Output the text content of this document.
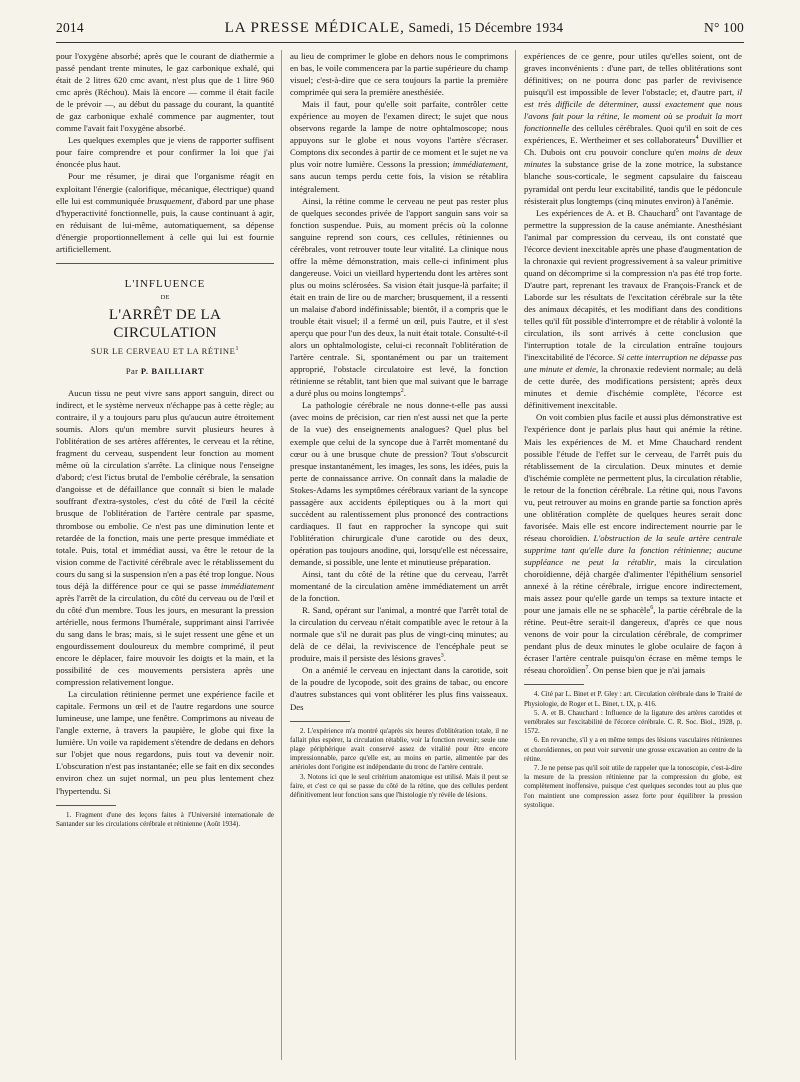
2014	LA PRESSE MÉDICALE, Samedi, 15 Décembre 1934	N° 100

pour l'oxygène absorbé; après que le courant de diathermie a passé pendant trente minutes, le gaz carbonique exhalé, qui était de 2 litres 620 cmc avant, n'est plus que de 1 litre 960 cmc après (Réchou). Mais là encore — comme il était facile de le prévoir —, au début du passage du courant, la quantité de gaz carbonique exhalé commence par augmenter, tout comme l'avait fait l'oxygène absorbé.

Les quelques exemples que je viens de rapporter suffisent pour faire comprendre et pour confirmer la loi que j'ai énoncée plus haut.

Pour me résumer, je dirai que l'organisme réagit en exploitant l'énergie (calorifique, mécanique, électrique) quand elle lui est communiquée brusquement, d'abord par une phase d'hyperactivité fonctionnelle, puis, la cause continuant à agir, en réduisant de lui-même, automatiquement, sa dépense d'énergie proportionnellement à celle qui lui est fournie artificiellement.

L'INFLUENCE
DE
L'ARRÊT DE LA CIRCULATION
SUR LE CERVEAU ET LA RÉTINE$^1$
Par P. BAILLIART

Aucun tissu ne peut vivre sans apport sanguin, direct ou indirect, et le système nerveux n'échappe pas à cette règle; au contraire, il y a toujours paru plus qu'aucun autre étroitement soumis. Alors qu'un membre survit plusieurs heures à l'oblitération de ses artères afférentes, le cerveau et la rétine, fragment du cerveau, suspendent leur fonction au moment même où la circulation s'arrête. La clinique nous l'enseigne d'abord; c'est l'ictus brutal de l'embolie cérébrale, la sensation d'angoisse et de défaillance que connaît si bien le malade souffrant d'extra-systoles, c'est du côté de l'œil la cécité brusque de l'oblitération de l'artère centrale par spasme, thrombose ou embolie. Ce n'est pas une diminution lente et retardée de la fonction, mais une perte presque immédiate et totale. Puis, total et immédiat aussi, va être le retour de la vision comme de l'activité cérébrale avec le rétablissement du cours du sang si la suspension n'en a pas été trop longue. Nous tous déjà la différence pour ce qui se passe immédiatement après l'arrêt de la circulation, du côté du cerveau ou de l'œil et du côté d'un membre. Tous les jours, en mesurant la pression artérielle, nous fermons l'humérale, supprimant ainsi l'arrivée du sang dans le bras; mais, si le sujet ressent une gêne et un engourdissement douloureux du membre comprimé, il peut encore le déplacer, faire mouvoir les doigts et la main, et la possibilité de ces mouvements persistera après une compression relativement longue.

La circulation rétinienne permet une expérience facile et capitale. Fermons un œil et de l'autre regardons une source lumineuse, une lampe, une fenêtre. Comprimons au niveau de l'angle externe, à travers la paupière, le globe qui fixe la lumière. Un voile va rapidement s'étendre de dedans en dehors sur l'objet que nous regardons, puis tout va devenir noir. L'obscuration n'est pas instantanée; elle se fait en dix secondes environ chez un sujet normal, un peu plus lentement chez l'hypertendu. Si

1. Fragment d'une des leçons faites à l'Université internationale de Santander sur les circulations cérébrale et rétinienne (Août 1934).

au lieu de comprimer le globe en dehors nous le comprimons en bas, le voile commencera par la partie supérieure du champ visuel; c'est-à-dire que ce sera toujours la partie la première comprimée qui sera la première anesthésiée.

Mais il faut, pour qu'elle soit parfaite, contrôler cette expérience au moyen de l'examen direct; le sujet que nous observons regarde la lampe de notre ophtalmoscope; nous appuyons sur le globe et nous voyons l'artère s'écraser. Comptons dix secondes à partir de ce moment et le sujet ne va plus voir notre lumière. Cessons la pression; immédiatement, sans aucun temps perdu cette fois, la vision se rétablira intégralement.

Ainsi, la rétine comme le cerveau ne peut pas rester plus de quelques secondes privée de l'apport sanguin sans voir sa fonction suspendue. Puis, au moment précis où la colonne sanguine reprend son cours, ces cellules, rétiniennes ou cérébrales, vont retrouver toute leur vitalité. La clinique nous offre la même démonstration, mais celle-ci infiniment plus dangereuse. Voici un vieillard hypertendu dont les artères sont plus ou moins sclérosées. Sa vision était jusque-là parfaite; il était en train de lire ou de marcher; brusquement, il a ressenti un malaise d'abord indéfinissable; bientôt, il a compris que le trouble était visuel; il a fermé un œil, puis l'autre, et il s'est aperçu que pour l'un des deux, la nuit était totale. Consulté-t-il alors un ophtalmologiste, celui-ci reconnaît l'oblitération de l'artère centrale. Si, spontanément ou par un traitement approprié, l'obstacle circulatoire est levé, la fonction rétinienne se rétablit, tant bien que mal suivant que le barrage a duré plus ou moins longtemps$^2$.

La pathologie cérébrale ne nous donne-t-elle pas aussi (avec moins de précision, car rien n'est aussi net que la perte de la vue) des enseignements analogues? Quel plus bel exemple que celui de la syncope due à l'arrêt momentané du cœur ou à une brusque chute de pression? Tout s'obscurcit presque instantanément, les images, les sons, les idées, puis la perte de connaissance arrive. On connaît dans la maladie de Stokes-Adams les symptômes cérébraux variant de la syncope passagère aux accidents épileptiques ou à la mort qui succèdent au ralentissement plus prononcé des contractions cardiaques. Il faut en rapprocher la syncope qui suit l'oblitération chirurgicale d'une carotide ou des deux, opération pas toujours anodine, qui, lorsqu'elle est nécessaire, demande, si possible, une lente et minutieuse préparation.

Ainsi, tant du côté de la rétine que du cerveau, l'arrêt momentané de la circulation amène immédiatement un arrêt de la fonction.

R. Sand, opérant sur l'animal, a montré que l'arrêt total de la circulation du cerveau n'était compatible avec le retour à la normale que s'il ne durait pas plus de vingt-cinq minutes; au delà de ce délai, la reviviscence de l'encéphale peut se produire, mais il persiste des lésions graves$^3$.

On a anémié le cerveau en injectant dans la carotide, soit de la poudre de lycopode, soit des grains de tabac, ou encore d'autres substances qui vont oblitérer les plus fins vaisseaux. Des

2. L'expérience m'a montré qu'après six heures d'oblitération totale, il ne fallait plus espérer, la circulation rétablie, voir la fonction revenir; seule une plage périphérique avait conservé assez de vitalité pour être encore impressionnable, parce qu'elle est, au moins en partie, alimentée par des artérioles dont l'origine est indépendante du tronc de l'artère centrale.

3. Notons ici que le seul critérium anatomique est utilisé. Mais il peut se faire, et c'est ce qui se passe du côté de la rétine, que des cellules perdent définitivement leur fonction sans que l'histologie n'y révèle de lésions.

expériences de ce genre, pour utiles qu'elles soient, ont de graves inconvénients : d'une part, de telles oblitérations sont définitives; on ne pourra donc pas parler de revivisence puisqu'il est impossible de lever l'obstacle; et, d'autre part, il est très difficile de déterminer, aussi exactement que nous l'avons fait pour la rétine, le moment où se produit la mort fonctionnelle des cellules cérébrales. Quoi qu'il en soit de ces expériences, E. Wertheimer et ses collaborateurs$^4$ Duvillier et Ch. Dubois ont cru pouvoir conclure qu'en moins de deux minutes la substance grise de la zone motrice, la substance blanche sous-corticale, le segment capsulaire du faisceau pyramidal ont perdu leur excitabilité, tandis que le pédoncule résisterait plus longtemps (cinq minutes environ) à l'anémie.

Les expériences de A. et B. Chauchard$^5$ ont l'avantage de permettre la suppression de la cause anémiante. Anesthésiant l'animal par compression du cerveau, ils ont constaté que l'écorce devient inexcitable après une phase d'augmentation de la chronaxie qui revient progressivement à sa valeur primitive quand on décomprime si la compression n'a pas été trop forte. D'autre part, reprenant les travaux de François-Franck et de Laborde sur les résultats de l'excitation cérébrale sur la tête des animaux décapités, et les modifiant dans des conditions telles qu'il fût possible d'interrompre et de rétablir à volonté la circulation, ils sont arrivés à cette conclusion que l'interruption totale de la circulation entraîne toujours l'inexcitabilité de l'écorce. Si cette interruption ne dépasse pas une minute et demie, la chronaxie redevient normale; au delà de cette durée, des modifications persistent; après deux minutes et demie d'ischémie complète, l'écorce est définitivement inexcitable.

On voit combien plus facile et aussi plus démonstrative est l'expérience dont je parlais plus haut qui anémie la rétine. Mais les expériences de M. et Mme Chauchard rendent possible l'étude de l'effet sur le cerveau, de l'arrêt puis du rétablissement de la circulation. Deux minutes et demie d'ischémie complète ne permettent plus, la circulation rétablie, le retour de la fonction cérébrale. La rétine qui, nous l'avons vu, peut retrouver au moins en grande partie sa fonction après une oblitération complète de quelques heures serait donc favorisée. Mais elle est encore indirectement nourrie par le réseau choroïdien. L'obstruction de la seule artère centrale supprime tant qu'elle dure la fonction rétinienne; aucune suppléance ne peut la rétablir, mais la circulation choroïdienne, déjà chargée d'alimenter l'épithélium sensoriel annexé à la rétine cérébrale, irrigue encore indirectement, mais assez pour qu'elle garde un temps sa texture intacte et pour une jamais elle ne se sphacèle$^6$, la partie cérébrale de la rétine. Peut-être serait-il dangereux, d'après ce que nous venons de voir pour la circulation cérébrale, de comprimer pendant plus de deux minutes le globe oculaire de façon à écraser l'artère centrale puisqu'on écrase en même temps le réseau choroïdien$^7$. On pense bien que je n'ai jamais

4. Cité par L. Binet et P. Gley : art. Circulation cérébrale dans le Traité de Physiologie, de Roger et L. Binet, t. IX, p. 416.

5. A. et B. Chauchard : Influence de la ligature des artères carotides et vertébrales sur l'excitabilité de l'écorce cérébrale. C. R. Soc. Biol., 1928, p. 1572.

6. En revanche, s'il y a en même temps des lésions vasculaires rétiniennes et choroïdiennes, on peut voir survenir une grosse excavation au centre de la rétine.

7. Je ne pense pas qu'il soit utile de rappeler que la tonoscopie, c'est-à-dire la mesure de la pression rétinienne par la compression du globe, est complètement inoffensive, puisque c'est quelques secondes tout au plus que l'on maintient une compression assez forte pour équilibrer la pression systolique.
